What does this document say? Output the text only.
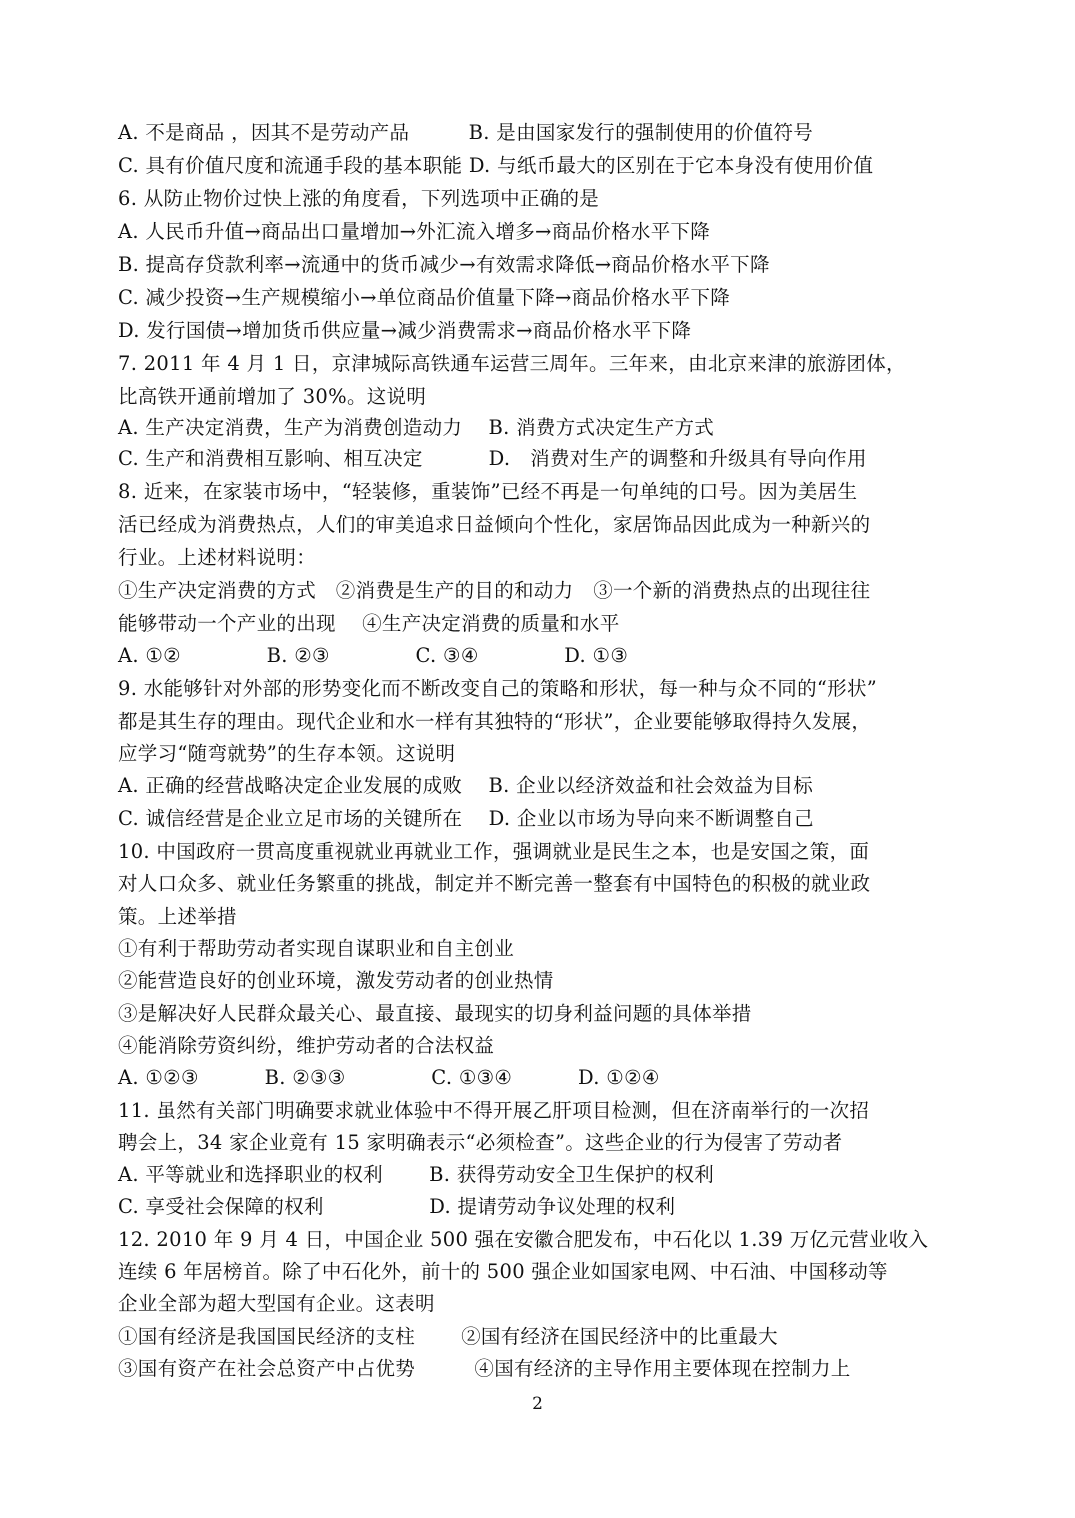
A. 不是商品 ，因其不是劳动产品　　　B. 是由国家发行的强制使用的价值符号
C. 具有价值尺度和流通手段的基本职能 D. 与纸币最大的区别在于它本身没有使用价值
6. 从防止物价过快上涨的角度看，下列选项中正确的是
A. 人民币升值→商品出口量增加→外汇流入增多→商品价格水平下降
B. 提高存贷款利率→流通中的货币减少→有效需求降低→商品价格水平下降
C. 减少投资→生产规模缩小→单位商品价值量下降→商品价格水平下降
D. 发行国债→增加货币供应量→减少消费需求→商品价格水平下降
7. 2011 年 4 月 1 日，京津城际高铁通车运营三周年。三年来，由北京来津的旅游团体，
比高铁开通前增加了 30%。这说明
A. 生产决定消费，生产为消费创造动力　 B. 消费方式决定生产方式
C. 生产和消费相互影响、相互决定　　　 D.　消费对生产的调整和升级具有导向作用
8. 近来，在家装市场中，“轻装修，重装饰”已经不再是一句单纯的口号。因为美居生
活已经成为消费热点，人们的审美追求日益倾向个性化，家居饰品因此成为一种新兴的
行业。上述材料说明：
①生产决定消费的方式　②消费是生产的目的和动力　③一个新的消费热点的出现往往
能够带动一个产业的出现　 ④生产决定消费的质量和水平
A. ①②　　　　 B. ②③　　　　 C. ③④　　　　 D. ①③
9. 水能够针对外部的形势变化而不断改变自己的策略和形状，每一种与众不同的“形状”
都是其生存的理由。现代企业和水一样有其独特的“形状”，企业要能够取得持久发展，
应学习“随弯就势”的生存本领。这说明
A. 正确的经营战略决定企业发展的成败　 B. 企业以经济效益和社会效益为目标
C. 诚信经营是企业立足市场的关键所在　 D. 企业以市场为导向来不断调整自己
10. 中国政府一贯高度重视就业再就业工作，强调就业是民生之本，也是安国之策，面
对人口众多、就业任务繁重的挑战，制定并不断完善一整套有中国特色的积极的就业政
策。上述举措
①有利于帮助劳动者实现自谋职业和自主创业
②能营造良好的创业环境，激发劳动者的创业热情
③是解决好人民群众最关心、最直接、最现实的切身利益问题的具体举措
④能消除劳资纠纷，维护劳动者的合法权益
A. ①②③　　　 B. ②③③　　　　 C. ①③④　　　 D. ①②④
11. 虽然有关部门明确要求就业体验中不得开展乙肝项目检测，但在济南举行的一次招
聘会上，34 家企业竟有 15 家明确表示“必须检查”。这些企业的行为侵害了劳动者
A. 平等就业和选择职业的权利　　 B. 获得劳动安全卫生保护的权利
C. 享受社会保障的权利　　　　　 D. 提请劳动争议处理的权利
12. 2010 年 9 月 4 日，中国企业 500 强在安徽合肥发布，中石化以 1.39 万亿元营业收入
连续 6 年居榜首。除了中石化外，前十的 500 强企业如国家电网、中石油、中国移动等
企业全部为超大型国有企业。这表明
①国有经济是我国国民经济的支柱　　 ②国有经济在国民经济中的比重最大
③国有资产在社会总资产中占优势　　　④国有经济的主导作用主要体现在控制力上
2
